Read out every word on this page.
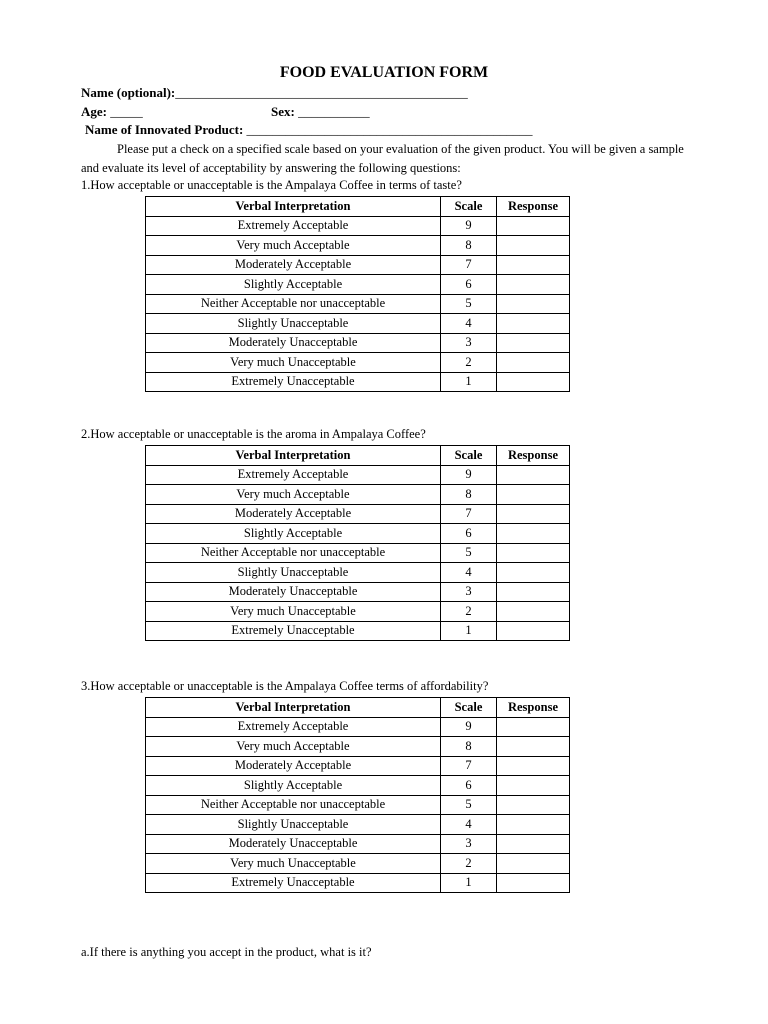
FOOD EVALUATION FORM
Name (optional):_____________________________________________
Age: _____	Sex: ___________
Name of Innovated Product: ____________________________________________
Please put a check on a specified scale based on your evaluation of the given product. You will be given a sample and evaluate its level of acceptability by answering the following questions:
1.How acceptable or unacceptable is the Ampalaya Coffee in terms of taste?
Verbal Interpretation	Scale	Response
Extremely Acceptable	9	
Very much Acceptable	8	
Moderately Acceptable	7	
Slightly Acceptable	6	
Neither Acceptable nor unacceptable	5	
Slightly Unacceptable	4	
Moderately Unacceptable	3	
Very much Unacceptable	2	
Extremely Unacceptable	1	
2.How acceptable or unacceptable is the aroma in Ampalaya Coffee?
Verbal Interpretation	Scale	Response
Extremely Acceptable	9	
Very much Acceptable	8	
Moderately Acceptable	7	
Slightly Acceptable	6	
Neither Acceptable nor unacceptable	5	
Slightly Unacceptable	4	
Moderately Unacceptable	3	
Very much Unacceptable	2	
Extremely Unacceptable	1	
3.How acceptable or unacceptable is the Ampalaya Coffee terms of affordability?
Verbal Interpretation	Scale	Response
Extremely Acceptable	9	
Very much Acceptable	8	
Moderately Acceptable	7	
Slightly Acceptable	6	
Neither Acceptable nor unacceptable	5	
Slightly Unacceptable	4	
Moderately Unacceptable	3	
Very much Unacceptable	2	
Extremely Unacceptable	1	
a.If there is anything you accept in the product, what is it?
